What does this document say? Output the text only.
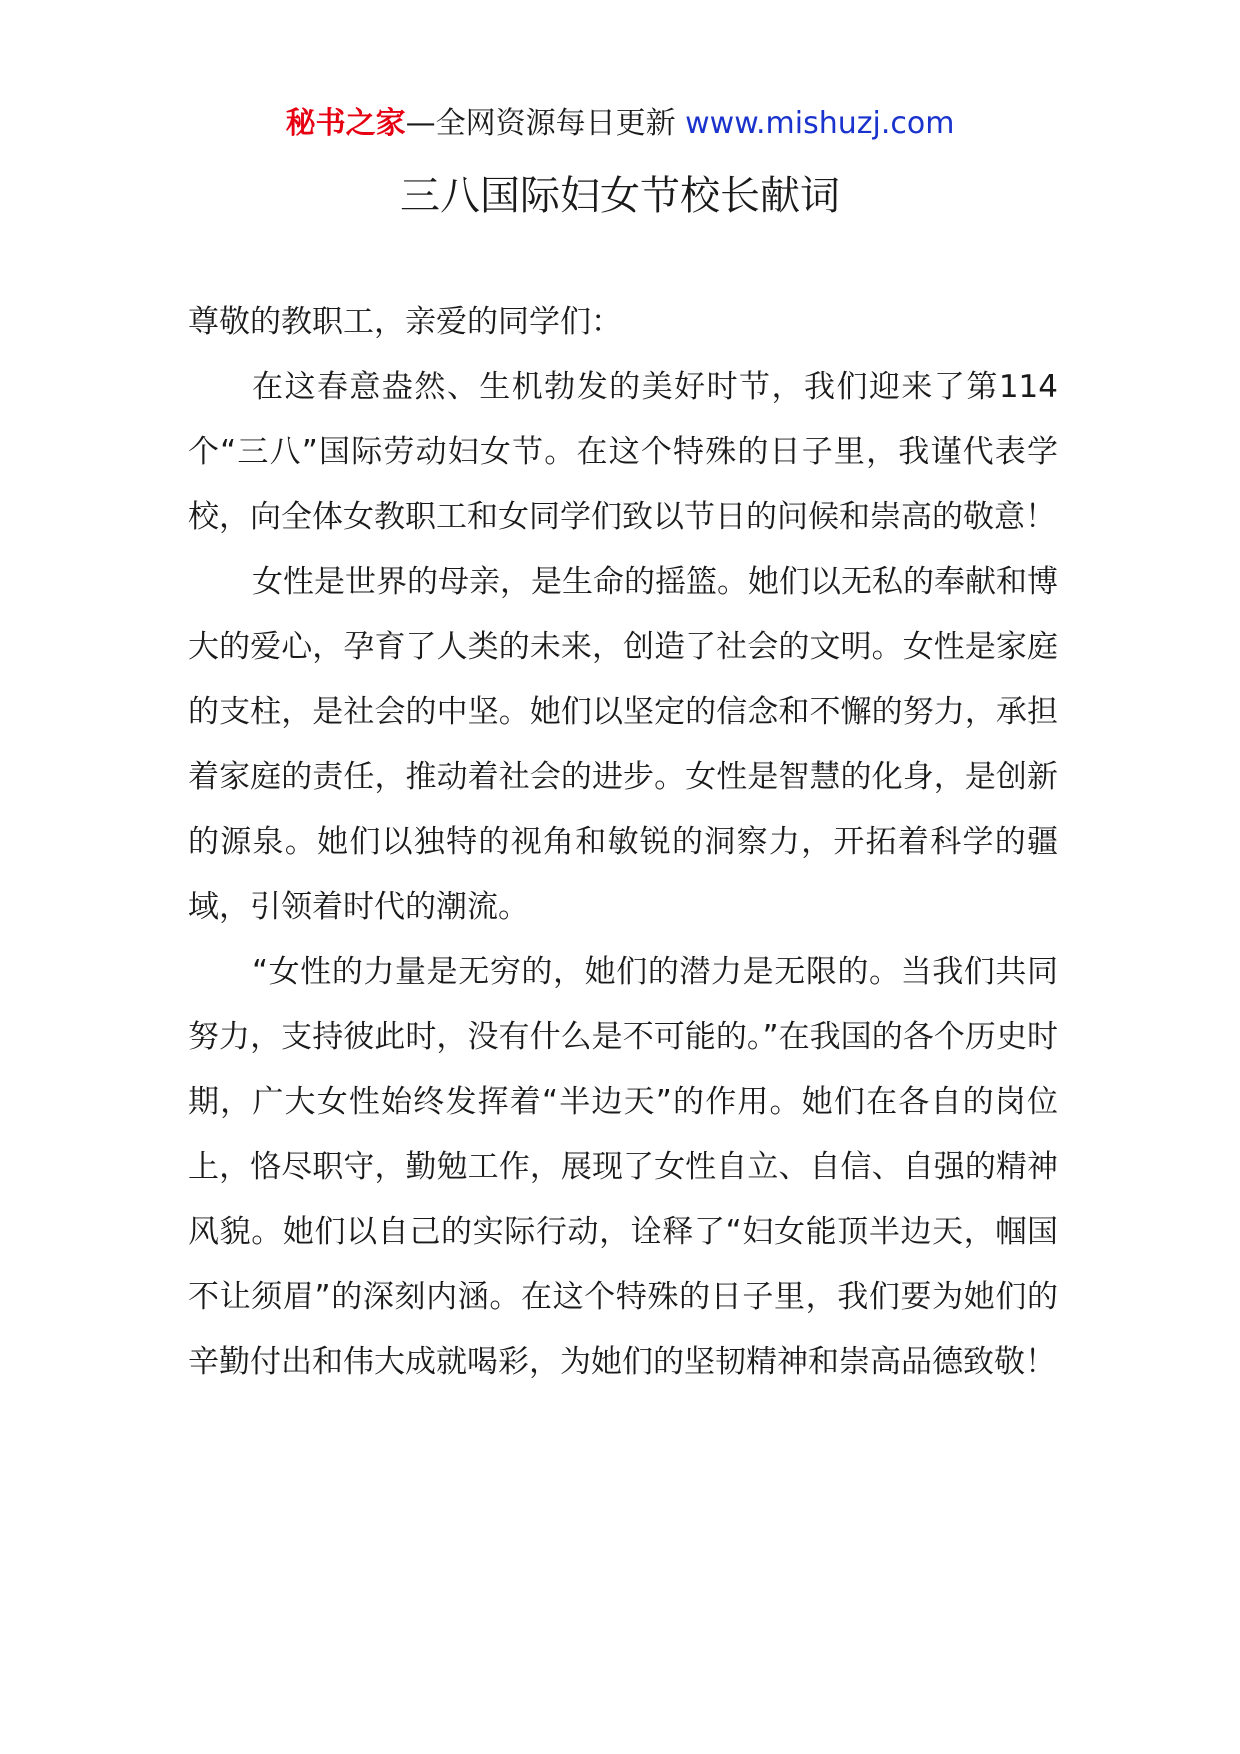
秘书之家—全网资源每日更新 www.mishuzj.com
三八国际妇女节校长献词

尊敬的教职工，亲爱的同学们：

在这春意盎然、生机勃发的美好时节，我们迎来了第114个“三八”国际劳动妇女节。在这个特殊的日子里，我谨代表学校，向全体女教职工和女同学们致以节日的问候和崇高的敬意！

女性是世界的母亲，是生命的摇篮。她们以无私的奉献和博大的爱心，孕育了人类的未来，创造了社会的文明。女性是家庭的支柱，是社会的中坚。她们以坚定的信念和不懈的努力，承担着家庭的责任，推动着社会的进步。女性是智慧的化身，是创新的源泉。她们以独特的视角和敏锐的洞察力，开拓着科学的疆域，引领着时代的潮流。

“女性的力量是无穷的，她们的潜力是无限的。当我们共同努力，支持彼此时，没有什么是不可能的。”在我国的各个历史时期，广大女性始终发挥着“半边天”的作用。她们在各自的岗位上，恪尽职守，勤勉工作，展现了女性自立、自信、自强的精神风貌。她们以自己的实际行动，诠释了“妇女能顶半边天，帼国不让须眉”的深刻内涵。在这个特殊的日子里，我们要为她们的辛勤付出和伟大成就喝彩，为她们的坚韧精神和崇高品德致敬！
